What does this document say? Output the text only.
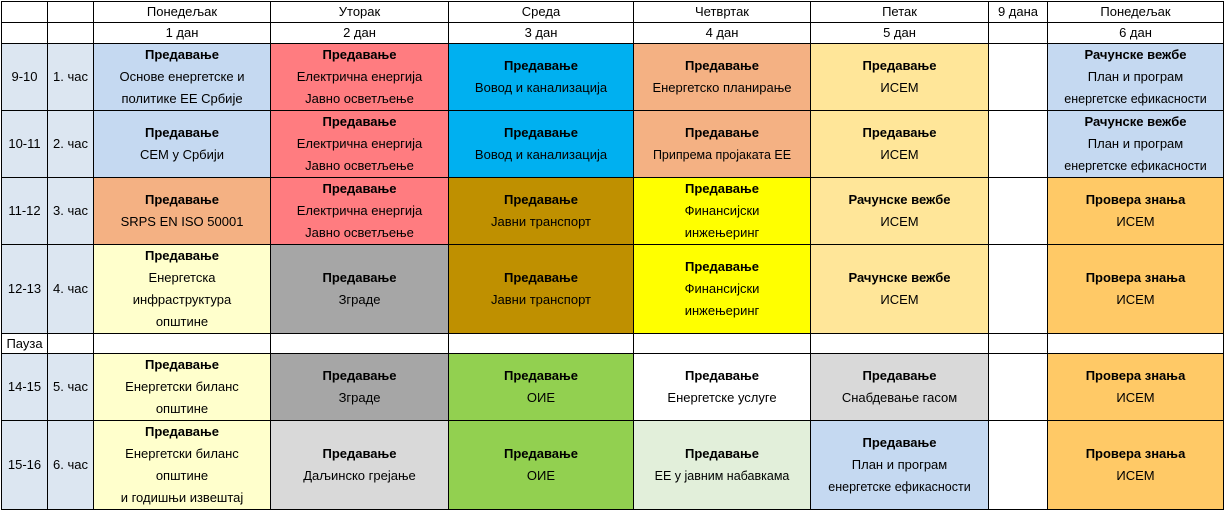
		Понедељак	Уторак	Среда	Четвртак	Петак	9 дана	Понедељак
		1 дан	2 дан	3 дан	4 дан	5 дан		6 дан
9-10	1. час	Предавање
Основе енергетске и
политике ЕЕ Србије	Предавање
Електрична енергија
Јавно осветљење	Предавање
Вовод и канализација	Предавање
Енергетско планирање	Предавање
ИСЕМ		Рачунске вежбе
План и програм
енергетске ефикасности

10-11	2. час	Предавање
СЕМ у Србији	Предавање
Електрична енергија
Јавно осветљење	Предавање
Вовод и канализација	Предавање
Припрема пројаката ЕЕ	Предавање
ИСЕМ		Рачунске вежбе
План и програм
енергетске ефикасности

11-12	3. час	Предавање
SRPS EN ISO 50001	Предавање
Електрична енергија
Јавно осветљење	Предавање
Јавни транспорт	Предавање
Финансијски
инжењеринг	Рачунске вежбе
ИСЕМ		Провера знања
ИСЕМ

12-13	4. час	Предавање
Енергетска
инфраструктура
општине	Предавање
Зграде	Предавање
Јавни транспорт	Предавање
Финансијски
инжењеринг	Рачунске вежбе
ИСЕМ		Провера знања
ИСЕМ

Пауза								
14-15	5. час	Предавање
Енергетски биланс
општине	Предавање
Зграде	Предавање
ОИЕ	Предавање
Енергетске услуге	Предавање
Снабдевање гасом		Провера знања
ИСЕМ

15-16	6. час	Предавање
Енергетски биланс
општине
и годишњи извештај	Предавање
Даљинско грејање	Предавање
ОИЕ	Предавање
ЕЕ у јавним набавкама	Предавање
План и програм
енергетске ефикасности		Провера знања
ИСЕМ
